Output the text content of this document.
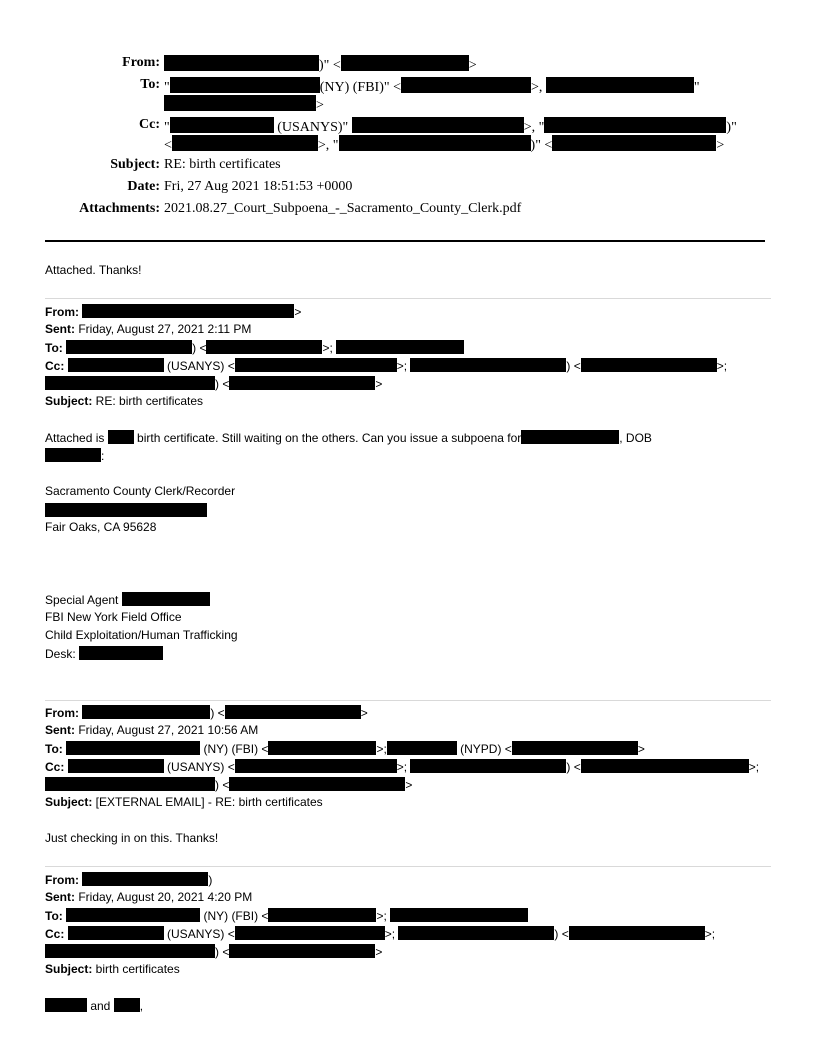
From:	)" <	>
To: "	(NY) (FBI)" <	>,	"
>
Cc: "	(USANYS)"	>, "	)"
<	>, "	)" <	>
Subject: RE: birth certificates
Date: Fri, 27 Aug 2021 18:51:53 +0000
Attachments: 2021.08.27_Court_Subpoena_-_Sacramento_County_Clerk.pdf
Attached. Thanks!
From:	>
Sent: Friday, August 27, 2021 2:11 PM
To:	) <	>;
Cc:	(USANYS) <	>;	) <	>;
) <	>
Subject: RE: birth certificates
Attached is  birth certificate. Still waiting on the others. Can you issue a subpoena for	, DOB
:
Sacramento County Clerk/Recorder
Fair Oaks, CA 95628
Special Agent
FBI New York Field Office
Child Exploitation/Human Trafficking
Desk:
From:	) <	>
Sent: Friday, August 27, 2021 10:56 AM
To:	(NY) (FBI) <	>;	(NYPD) <	>
Cc:	(USANYS) <	>;	) <	>;
) <	>
Subject: [EXTERNAL EMAIL] - RE: birth certificates
Just checking in on this. Thanks!
From:	)
Sent: Friday, August 20, 2021 4:20 PM
To:	(NY) (FBI) <	>;
Cc:	(USANYS) <	>;	) <	>;
) <	>
Subject: birth certificates
and ,
